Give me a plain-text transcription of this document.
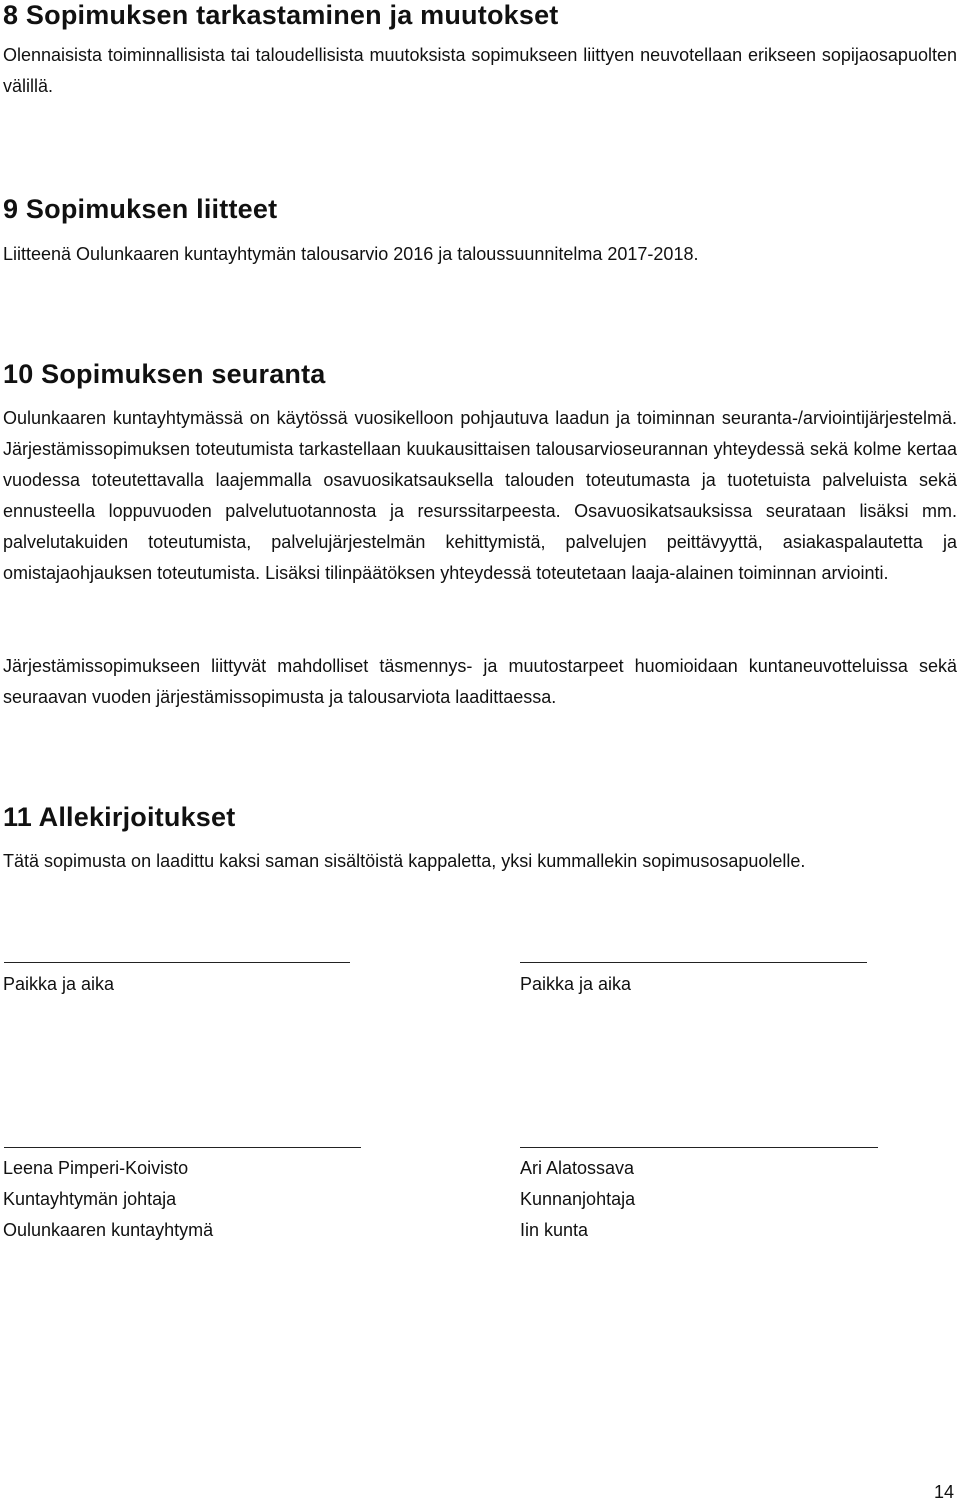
8 Sopimuksen tarkastaminen ja muutokset

Olennaisista toiminnallisista tai taloudellisista muutoksista sopimukseen liittyen neuvotellaan erikseen sopijaosapuolten välillä.

9 Sopimuksen liitteet

Liitteenä Oulunkaaren kuntayhtymän talousarvio 2016 ja taloussuunnitelma 2017-2018.

10 Sopimuksen seuranta

Oulunkaaren kuntayhtymässä on käytössä vuosikelloon pohjautuva laadun ja toiminnan seuranta-/arviointijärjestelmä. Järjestämissopimuksen toteutumista tarkastellaan kuukausittaisen talousarvioseurannan yhteydessä sekä kolme kertaa vuodessa toteutettavalla laajemmalla osavuosikatsauksella talouden toteutumasta ja tuotetuista palveluista sekä ennusteella loppuvuoden palvelutuotannosta ja resurssitarpeesta. Osavuosikatsauksissa seurataan lisäksi mm. palvelutakuiden toteutumista, palvelujärjestelmän kehittymistä, palvelujen peittävyyttä, asiakaspalautetta ja omistajaohjauksen toteutumista. Lisäksi tilinpäätöksen yhteydessä toteutetaan laaja-alainen toiminnan arviointi.

Järjestämissopimukseen liittyvät mahdolliset täsmennys- ja muutostarpeet huomioidaan kuntaneuvotteluissa sekä seuraavan vuoden järjestämissopimusta ja talousarviota laadittaessa.

11 Allekirjoitukset

Tätä sopimusta on laadittu kaksi saman sisältöistä kappaletta, yksi kummallekin sopimusosapuolelle.

Paikka ja aika	Paikka ja aika
Leena Pimperi-Koivisto
Kuntayhtymän johtaja
Oulunkaaren kuntayhtymä
Ari Alatossava
Kunnanjohtaja
Iin kunta
14
